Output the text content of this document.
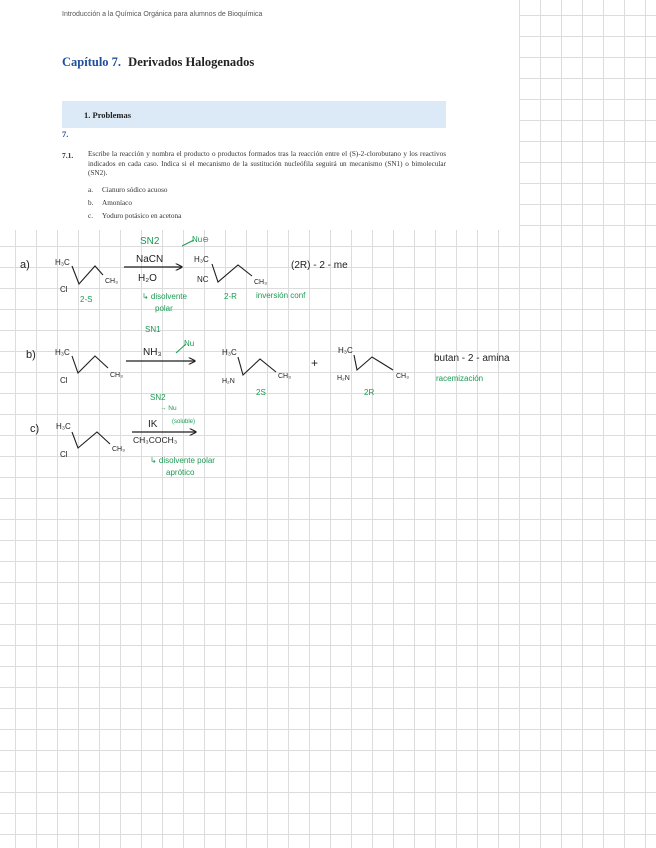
Introducción a la Química Orgánica para alumnos de Bioquímica
Capítulo 7. Derivados Halogenados
1. Problemas
7.
7.1. Escribe la reacción y nombra el producto o productos formados tras la reacción entre el (S)-2-clorobutano y los reactivos indicados en cada caso. Indica si el mecanismo de la sustitución nucleófila seguirá un mecanismo (SN1) o bimolecular (SN2).
a. Cianuro sódico acuoso
b. Amoníaco
c. Yoduro potásico en acetona
a)	H₃C
Cl
CH₃
2-S
SN2	Nu⊖
NaCN
H₂O
↳ disolvente
polar
H₃C
NC	CH₃
2-R inversión conf
(2R) - 2 - me
b) H₃C
Cl
CH₃
SN1
NH₃
Nu
H₃C
H₂N
CH₃
2S
+
H₃C
H₂N	CH₃
2R
butan - 2 - amina
racemización
c) H₃C
Cl
CH₃
SN2
→ Nu
IK (soluble)
CH₃COCH₃
↳ disolvente polar
aprótico
